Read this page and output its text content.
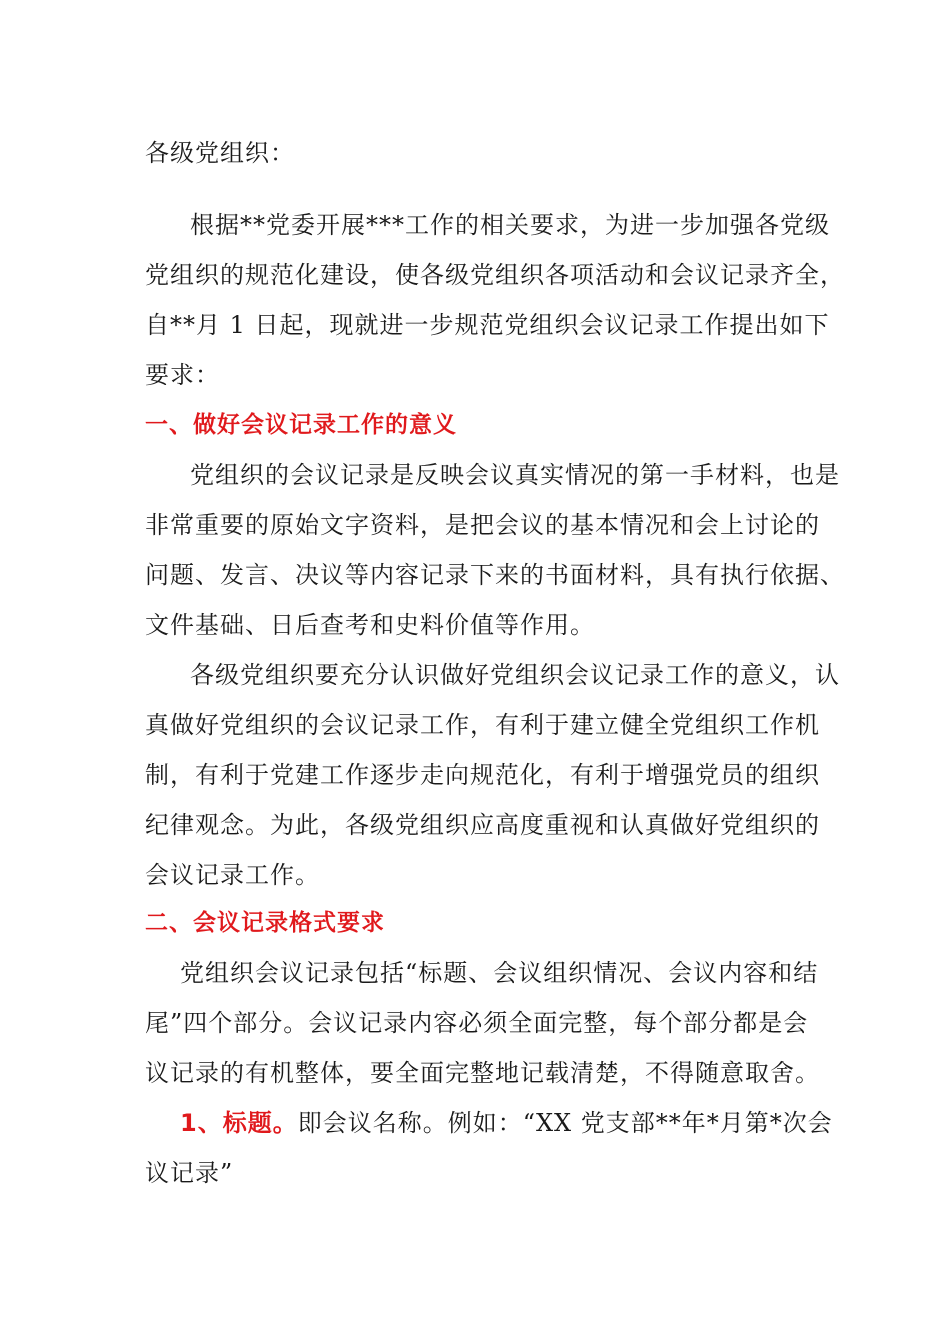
各级党组织：
根据**党委开展***工作的相关要求，为进一步加强各党级
党组织的规范化建设，使各级党组织各项活动和会议记录齐全，
自**月 1 日起，现就进一步规范党组织会议记录工作提出如下
要求：
一、做好会议记录工作的意义
党组织的会议记录是反映会议真实情况的第一手材料，也是
非常重要的原始文字资料，是把会议的基本情况和会上讨论的
问题、发言、决议等内容记录下来的书面材料，具有执行依据、
文件基础、日后查考和史料价值等作用。
各级党组织要充分认识做好党组织会议记录工作的意义，认
真做好党组织的会议记录工作，有利于建立健全党组织工作机
制，有利于党建工作逐步走向规范化，有利于增强党员的组织
纪律观念。为此，各级党组织应高度重视和认真做好党组织的
会议记录工作。
二、会议记录格式要求
党组织会议记录包括“标题、会议组织情况、会议内容和结
尾”四个部分。会议记录内容必须全面完整，每个部分都是会
议记录的有机整体，要全面完整地记载清楚，不得随意取舍。
1、标题。即会议名称。例如：“XX 党支部**年*月第*次会
议记录”
